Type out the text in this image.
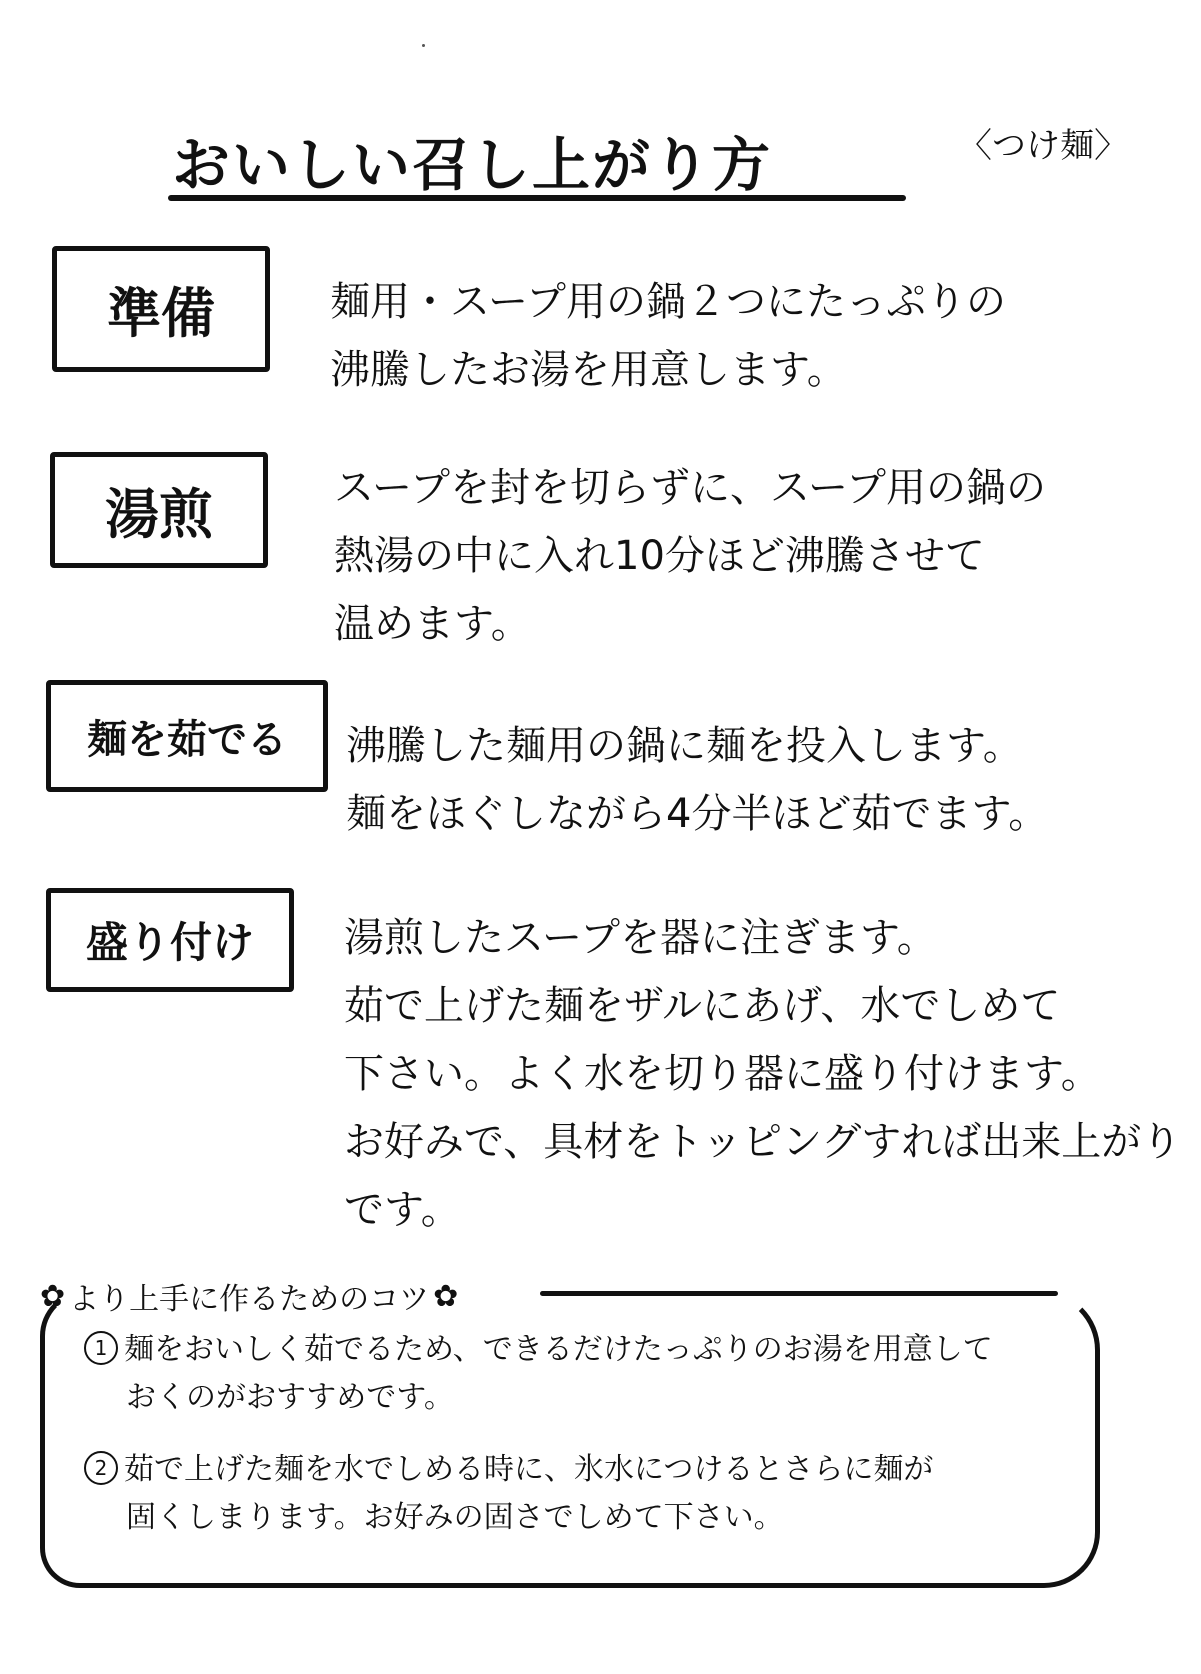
おいしい召し上がり方	〈つけ麺〉
準備	麺用・スープ用の鍋２つにたっぷりの
沸騰したお湯を用意します。
湯煎	スープを封を切らずに、スープ用の鍋の
熱湯の中に入れ10分ほど沸騰させて
温めます。
麺を茹でる	沸騰した麺用の鍋に麺を投入します。
麺をほぐしながら4分半ほど茹でます。
盛り付け	湯煎したスープを器に注ぎます。
茹で上げた麺をザルにあげ、水でしめて
下さい。よく水を切り器に盛り付けます。
お好みで、具材をトッピングすれば出来上がり
です。
✿ より上手に作るためのコツ ✿
1 麺をおいしく茹でるため、できるだけたっぷりのお湯を用意して
おくのがおすすめです。
2 茹で上げた麺を水でしめる時に、氷水につけるとさらに麺が
固くしまります。お好みの固さでしめて下さい。
